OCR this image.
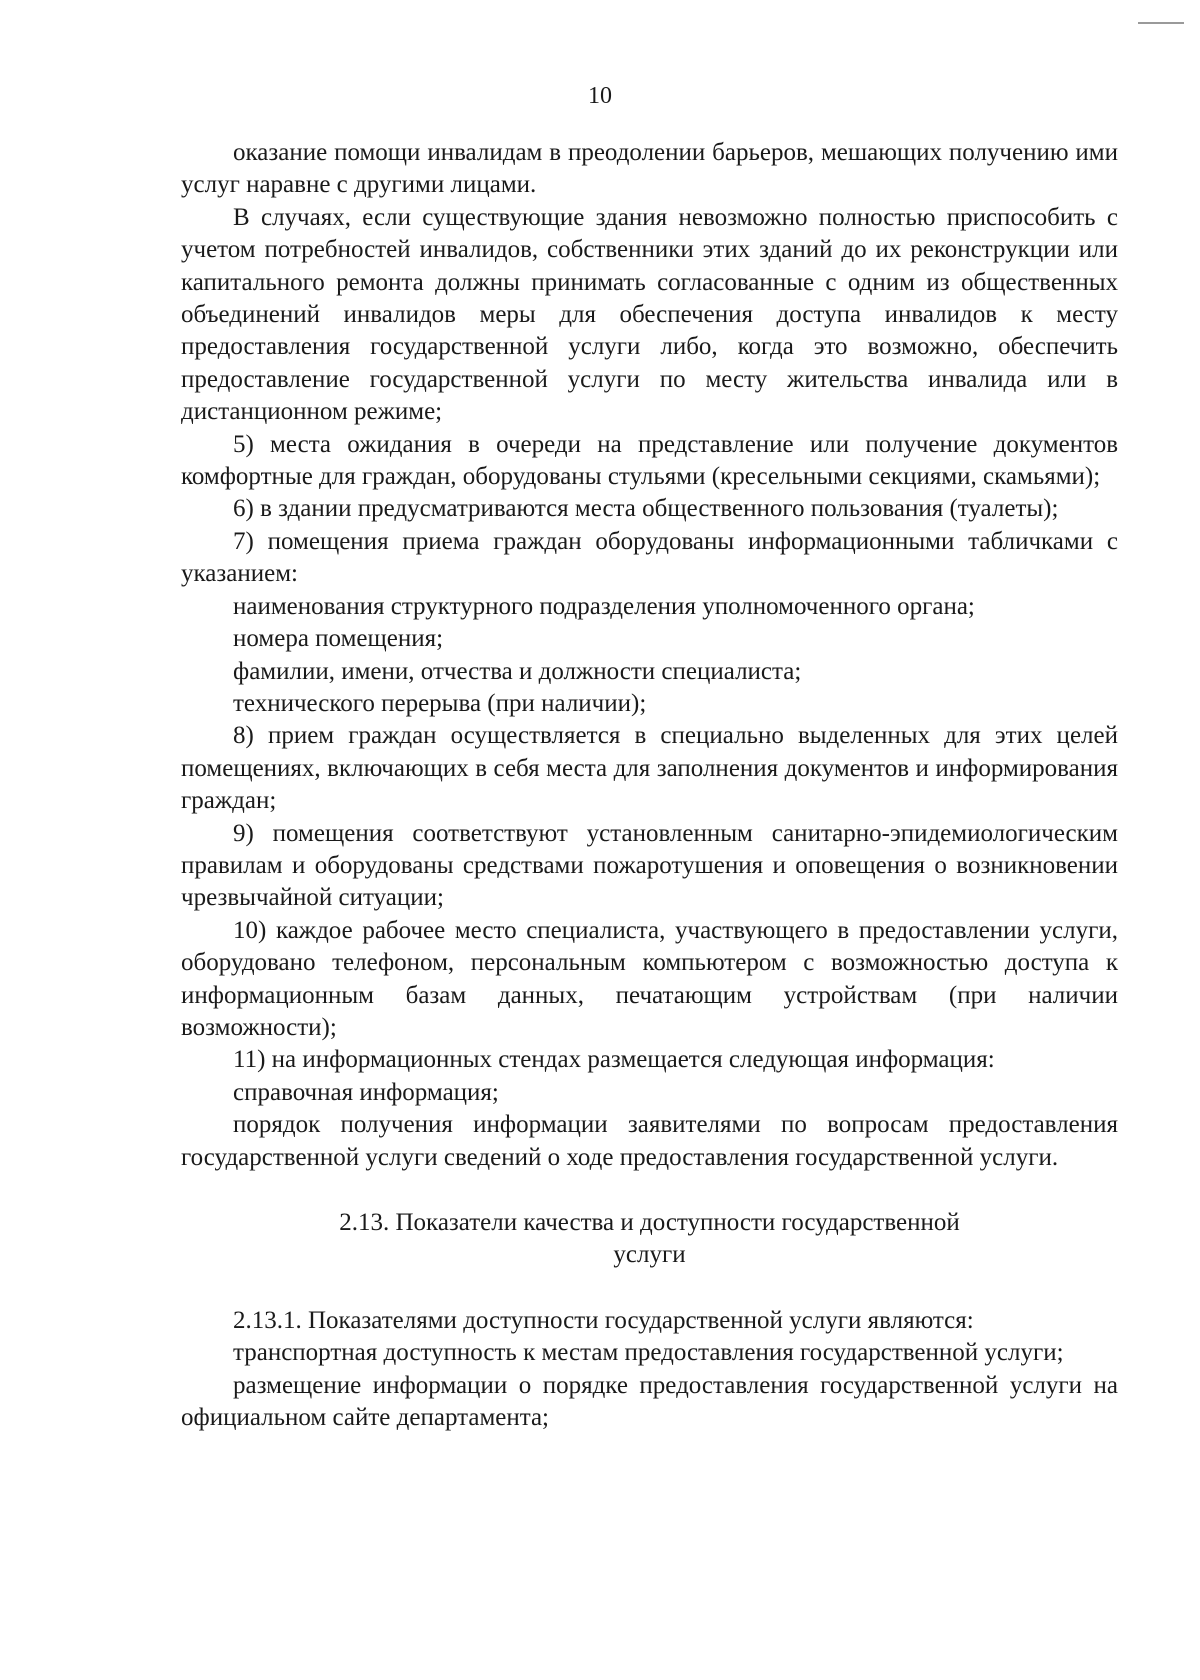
10

оказание помощи инвалидам в преодолении барьеров, мешающих получению ими услуг наравне с другими лицами.

В случаях, если существующие здания невозможно полностью приспособить с учетом потребностей инвалидов, собственники этих зданий до их реконструкции или капитального ремонта должны принимать согласованные с одним из общественных объединений инвалидов меры для обеспечения доступа инвалидов к месту предоставления государственной услуги либо, когда это возможно, обеспечить предоставление государственной услуги по месту жительства инвалида или в дистанционном режиме;

5) места ожидания в очереди на представление или получение документов комфортные для граждан, оборудованы стульями (кресельными секциями, скамьями);

6) в здании предусматриваются места общественного пользования (туалеты);

7) помещения приема граждан оборудованы информационными табличками с указанием:

наименования структурного подразделения уполномоченного органа;

номера помещения;

фамилии, имени, отчества и должности специалиста;

технического перерыва (при наличии);

8) прием граждан осуществляется в специально выделенных для этих целей помещениях, включающих в себя места для заполнения документов и информирования граждан;

9) помещения соответствуют установленным санитарно-эпидемиологическим правилам и оборудованы средствами пожаротушения и оповещения о возникновении чрезвычайной ситуации;

10) каждое рабочее место специалиста, участвующего в предоставлении услуги, оборудовано телефоном, персональным компьютером с возможностью доступа к информационным базам данных, печатающим устройствам (при наличии возможности);

11) на информационных стендах размещается следующая информация:

справочная информация;

порядок получения информации заявителями по вопросам предоставления государственной услуги сведений о ходе предоставления государственной услуги.

2.13. Показатели качества и доступности государственной
услуги

2.13.1. Показателями доступности государственной услуги являются:

транспортная доступность к местам предоставления государственной услуги;

размещение информации о порядке предоставления государственной услуги на официальном сайте департамента;
